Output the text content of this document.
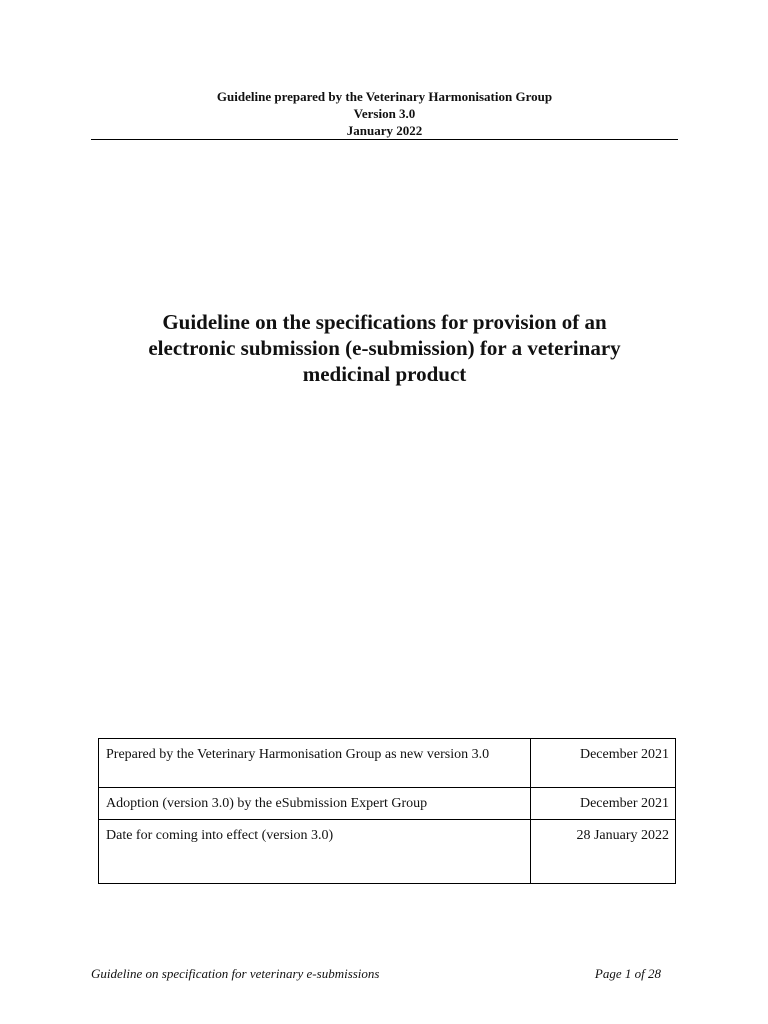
Guideline prepared by the Veterinary Harmonisation Group
Version 3.0
January 2022
Guideline on the specifications for provision of an
electronic submission (e-submission) for a veterinary
medicinal product
Prepared by the Veterinary Harmonisation Group as new version 3.0	December 2021
Adoption (version 3.0) by the eSubmission Expert Group	December 2021
Date for coming into effect (version 3.0)	28 January 2022
Guideline on specification for veterinary e-submissions	Page 1 of 28
